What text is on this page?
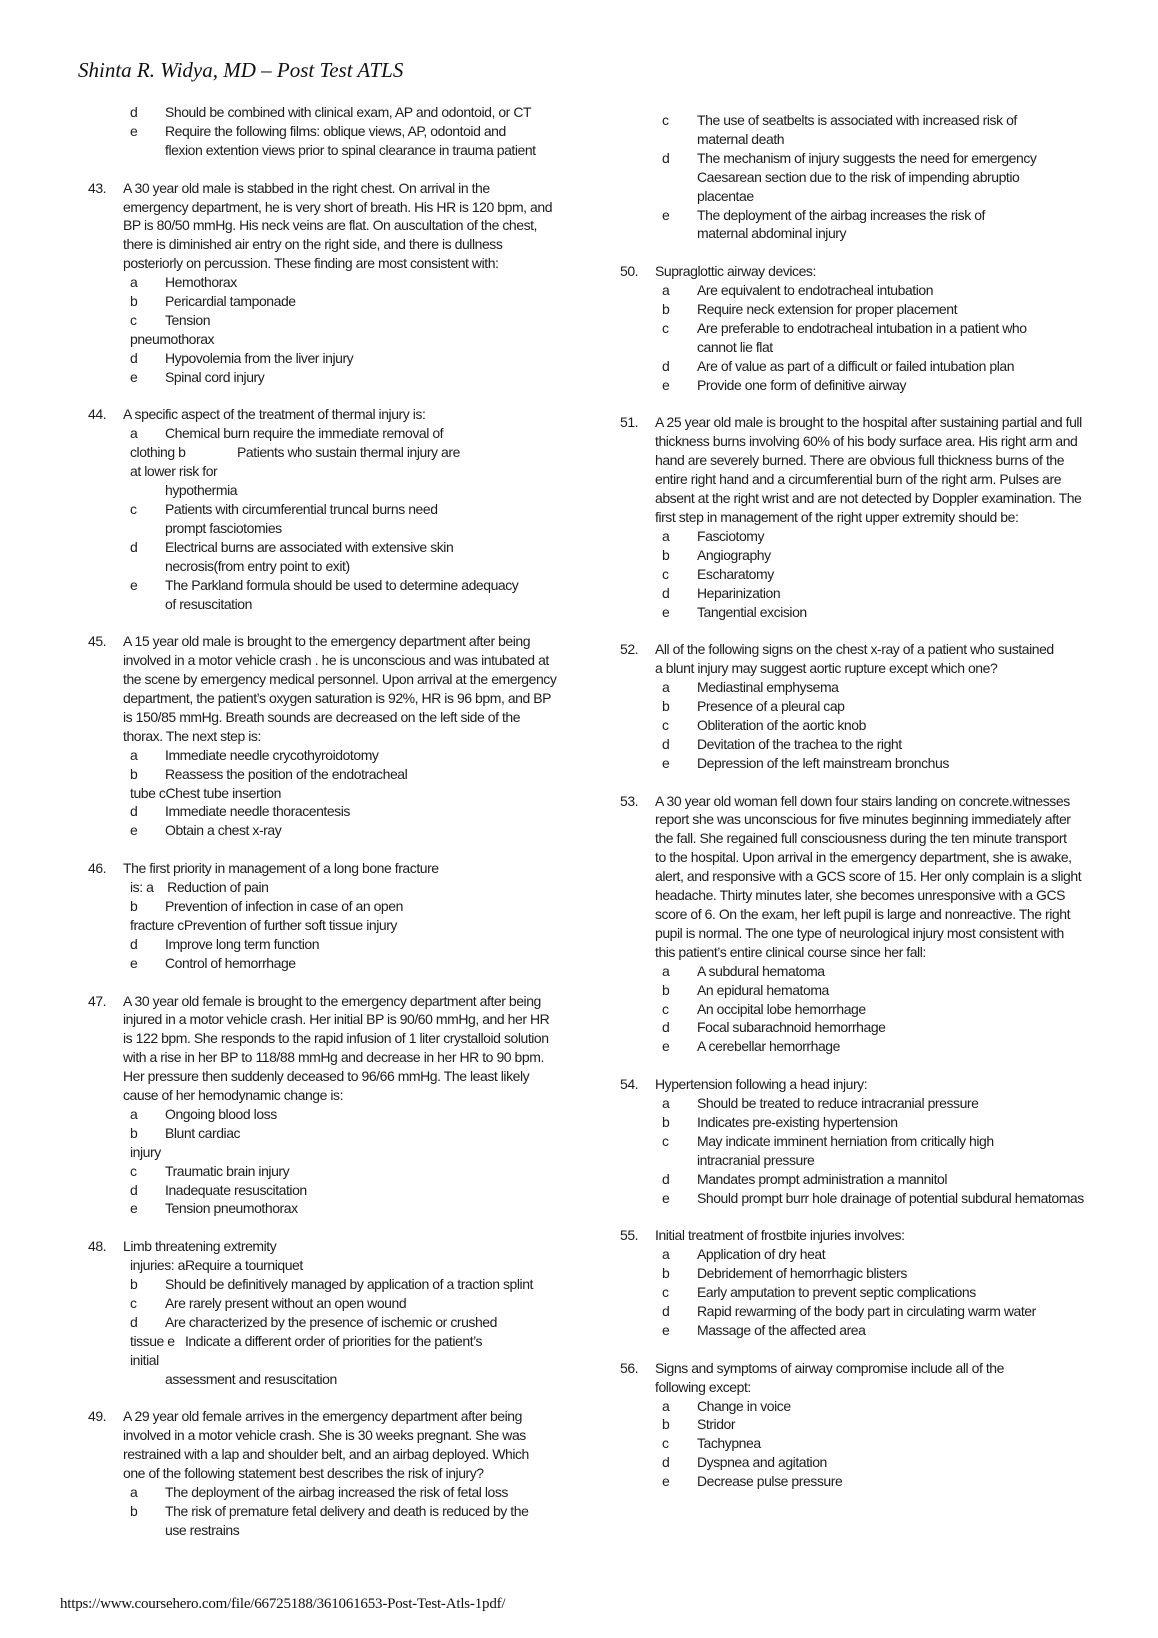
Shinta R. Widya, MD – Post Test ATLS
d	Should be combined with clinical exam, AP and odontoid, or CT
e	Require the following films: oblique views, AP, odontoid and
flexion extention views prior to spinal clearance in trauma patient
43. A 30 year old male is stabbed in the right chest. On arrival in the
emergency department, he is very short of breath. His HR is 120 bpm, and
BP is 80/50 mmHg. His neck veins are flat. On auscultation of the chest,
there is diminished air entry on the right side, and there is dullness
posteriorly on percussion. These finding are most consistent with:
a	Hemothorax
b	Pericardial tamponade
c	Tension
pneumothorax
d	Hypovolemia from the liver injury
e	Spinal cord injury
44. A specific aspect of the treatment of thermal injury is:
a	Chemical burn require the immediate removal of
clothing b               Patients who sustain thermal injury are
at lower risk for
hypothermia
c	Patients with circumferential truncal burns need
prompt fasciotomies
d	Electrical burns are associated with extensive skin
necrosis(from entry point to exit)
e	The Parkland formula should be used to determine adequacy
of resuscitation
45. A 15 year old male is brought to the emergency department after being
involved in a motor vehicle crash . he is unconscious and was intubated at
the scene by emergency medical personnel. Upon arrival at the emergency
department, the patient’s oxygen saturation is 92%, HR is 96 bpm, and BP
is 150/85 mmHg. Breath sounds are decreased on the left side of the
thorax. The next step is:
a	Immediate needle crycothyroidotomy
b	Reassess the position of the endotracheal
tube cChest tube insertion
d	Immediate needle thoracentesis
e	Obtain a chest x-ray
46. The first priority in management of a long bone fracture
is: a    Reduction of pain
b	Prevention of infection in case of an open
fracture cPrevention of further soft tissue injury
d	Improve long term function
e	Control of hemorrhage
47. A 30 year old female is brought to the emergency department after being
injured in a motor vehicle crash. Her initial BP is 90/60 mmHg, and her HR
is 122 bpm. She responds to the rapid infusion of 1 liter crystalloid solution
with a rise in her BP to 118/88 mmHg and decrease in her HR to 90 bpm.
Her pressure then suddenly deceased to 96/66 mmHg. The least likely
cause of her hemodynamic change is:
a	Ongoing blood loss
b	Blunt cardiac
injury
c	Traumatic brain injury
d	Inadequate resuscitation
e	Tension pneumothorax
48. Limb threatening extremity
injuries: aRequire a tourniquet
b	Should be definitively managed by application of a traction splint
c	Are rarely present without an open wound
d	Are characterized by the presence of ischemic or crushed
tissue e   Indicate a different order of priorities for the patient’s
initial
assessment and resuscitation
49. A 29 year old female arrives in the emergency department after being
involved in a motor vehicle crash. She is 30 weeks pregnant. She was
restrained with a lap and shoulder belt, and an airbag deployed. Which
one of the following statement best describes the risk of injury?
a	The deployment of the airbag increased the risk of fetal loss
b	The risk of premature fetal delivery and death is reduced by the
use restrains
c	The use of seatbelts is associated with increased risk of
maternal death
d	The mechanism of injury suggests the need for emergency
Caesarean section due to the risk of impending abruptio
placentae
e	The deployment of the airbag increases the risk of
maternal abdominal injury
50. Supraglottic airway devices:
a	Are equivalent to endotracheal intubation
b	Require neck extension for proper placement
c	Are preferable to endotracheal intubation in a patient who
cannot lie flat
d	Are of value as part of a difficult or failed intubation plan
e	Provide one form of definitive airway
51. A 25 year old male is brought to the hospital after sustaining partial and full
thickness burns involving 60% of his body surface area. His right arm and
hand are severely burned. There are obvious full thickness burns of the
entire right hand and a circumferential burn of the right arm. Pulses are
absent at the right wrist and are not detected by Doppler examination. The
first step in management of the right upper extremity should be:
a	Fasciotomy
b	Angiography
c	Escharatomy
d	Heparinization
e	Tangential excision
52. All of the following signs on the chest x-ray of a patient who sustained
a blunt injury may suggest aortic rupture except which one?
a	Mediastinal emphysema
b	Presence of a pleural cap
c	Obliteration of the aortic knob
d	Devitation of the trachea to the right
e	Depression of the left mainstream bronchus
53. A 30 year old woman fell down four stairs landing on concrete.witnesses
report she was unconscious for five minutes beginning immediately after
the fall. She regained full consciousness during the ten minute transport
to the hospital. Upon arrival in the emergency department, she is awake,
alert, and responsive with a GCS score of 15. Her only complain is a slight
headache. Thirty minutes later, she becomes unresponsive with a GCS
score of 6. On the exam, her left pupil is large and nonreactive. The right
pupil is normal. The one type of neurological injury most consistent with
this patient’s entire clinical course since her fall:
a	A subdural hematoma
b	An epidural hematoma
c	An occipital lobe hemorrhage
d	Focal subarachnoid hemorrhage
e	A cerebellar hemorrhage
54. Hypertension following a head injury:
a	Should be treated to reduce intracranial pressure
b	Indicates pre-existing hypertension
c	May indicate imminent herniation from critically high
intracranial pressure
d	Mandates prompt administration a mannitol
e	Should prompt burr hole drainage of potential subdural hematomas
55. Initial treatment of frostbite injuries involves:
a	Application of dry heat
b	Debridement of hemorrhagic blisters
c	Early amputation to prevent septic complications
d	Rapid rewarming of the body part in circulating warm water
e	Massage of the affected area
56. Signs and symptoms of airway compromise include all of the
following except:
a	Change in voice
b	Stridor
c	Tachypnea
d	Dyspnea and agitation
e	Decrease pulse pressure
https://www.coursehero.com/file/66725188/361061653-Post-Test-Atls-1pdf/
